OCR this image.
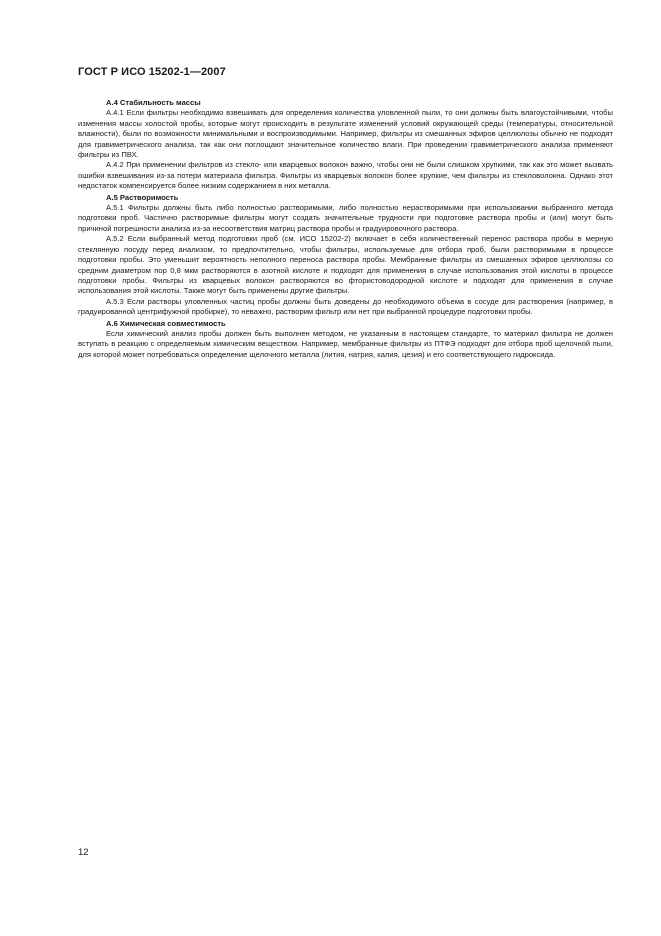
ГОСТ Р ИСО 15202-1—2007

А.4 Стабильность массы

А.4.1 Если фильтры необходимо взвешивать для определения количества уловленной пыли, то они должны быть влагоустойчивыми, чтобы изменения массы холостой пробы, которые могут происходить в результате изменений условий окружающей среды (температуры, относительной влажности), были по возможности минимальными и воспроизводимыми. Например, фильтры из смешанных эфиров целлюлозы обычно не подходят для гравиметрического анализа, так как они поглощают значительное количество влаги. При проведении гравиметрического анализа применяют фильтры из ПВХ.

А.4.2 При применении фильтров из стекло- или кварцевых волокон важно, чтобы они не были слишком хрупкими, так как это может вызвать ошибки взвешивания из-за потери материала фильтра. Фильтры из кварцевых волокон более хрупкие, чем фильтры из стекловолокна. Однако этот недостаток компенсируется более низким содержанием в них металла.

А.5 Растворимость

А.5.1 Фильтры должны быть либо полностью растворимыми, либо полностью нерастворимыми при использовании выбранного метода подготовки проб. Частично растворимые фильтры могут создать значительные трудности при подготовке раствора пробы и (или) могут быть причиной погрешности анализа из-за несоответствия матриц раствора пробы и градуировочного раствора.

А.5.2 Если выбранный метод подготовки проб (см. ИСО 15202-2) включает в себя количественный перенос раствора пробы в мерную стеклянную посуду перед анализом, то предпочтительно, чтобы фильтры, используемые для отбора проб, были растворимыми в процессе подготовки пробы. Это уменьшит вероятность неполного переноса раствора пробы. Мембранные фильтры из смешанных эфиров целлюлозы со средним диаметром пор 0,8 мкм растворяются в азотной кислоте и подходят для применения в случае использования этой кислоты в процессе подготовки пробы. Фильтры из кварцевых волокон растворяются во фтористоводородной кислоте и подходят для применения в случае использования этой кислоты. Также могут быть применены другие фильтры.

А.5.3 Если растворы уловленных частиц пробы должны быть доведены до необходимого объема в сосуде для растворения (например, в градуированной центрифужной пробирке), то неважно, растворим фильтр или нет при выбранной процедуре подготовки пробы.

А.6 Химическая совместимость

Если химический анализ пробы должен быть выполнен методом, не указанным в настоящем стандарте, то материал фильтра не должен вступать в реакцию с определяемым химическим веществом. Например, мембранные фильтры из ПТФЭ подходят для отбора проб щелочной пыли, для которой может потребоваться определение щелочного металла (лития, натрия, калия, цезия) и его соответствующего гидроксида.

12
